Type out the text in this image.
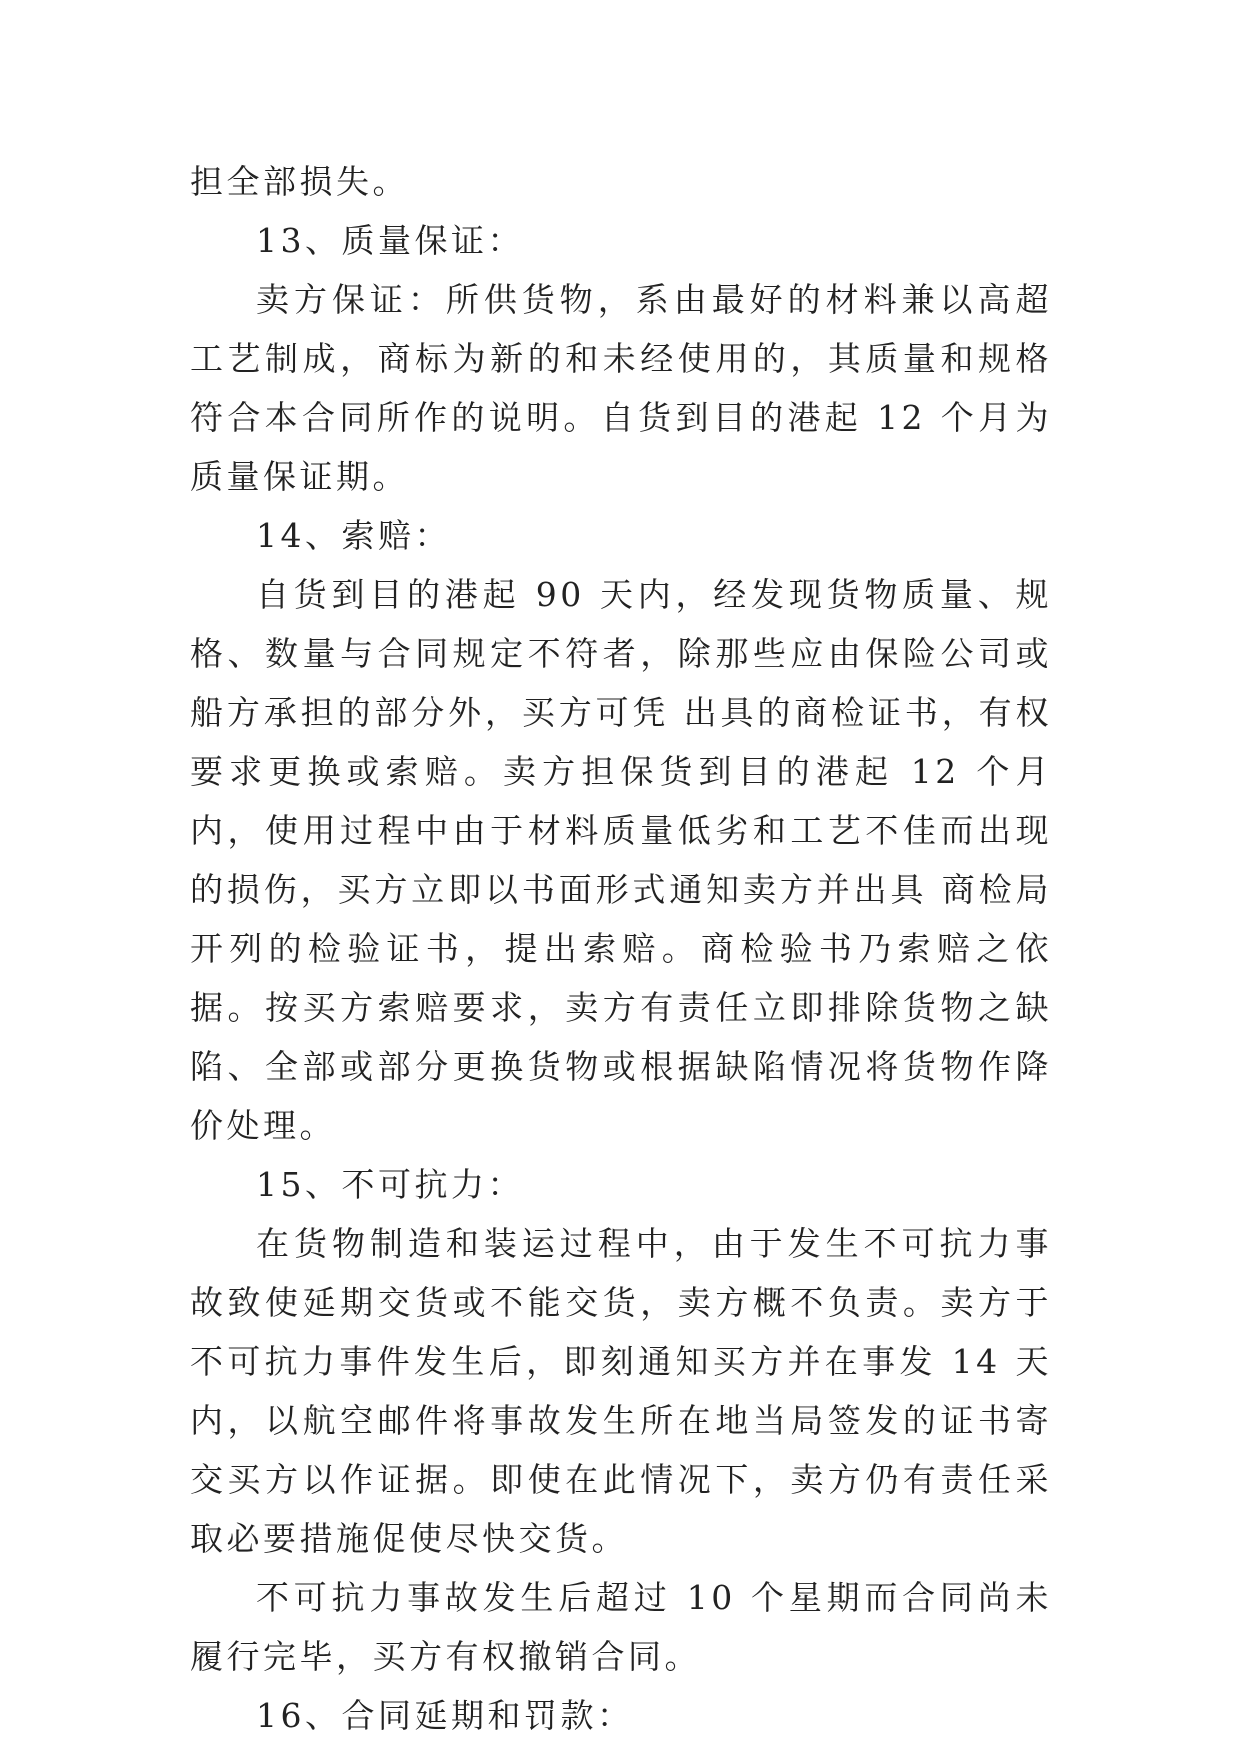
担全部损失。

13、质量保证：

卖方保证：所供货物，系由最好的材料兼以高超工艺制成，商标为新的和未经使用的，其质量和规格符合本合同所作的说明。自货到目的港起 12 个月为质量保证期。

14、索赔：

自货到目的港起 90 天内，经发现货物质量、规格、数量与合同规定不符者，除那些应由保险公司或船方承担的部分外，买方可凭 出具的商检证书，有权要求更换或索赔。卖方担保货到目的港起 12 个月内，使用过程中由于材料质量低劣和工艺不佳而出现的损伤，买方立即以书面形式通知卖方并出具 商检局开列的检验证书，提出索赔。商检验书乃索赔之依据。按买方索赔要求，卖方有责任立即排除货物之缺陷、全部或部分更换货物或根据缺陷情况将货物作降价处理。

15、不可抗力：

在货物制造和装运过程中，由于发生不可抗力事故致使延期交货或不能交货，卖方概不负责。卖方于不可抗力事件发生后，即刻通知买方并在事发 14 天内，以航空邮件将事故发生所在地当局签发的证书寄交买方以作证据。即使在此情况下，卖方仍有责任采取必要措施促使尽快交货。

不可抗力事故发生后超过 10 个星期而合同尚未履行完毕，买方有权撤销合同。

16、合同延期和罚款：
